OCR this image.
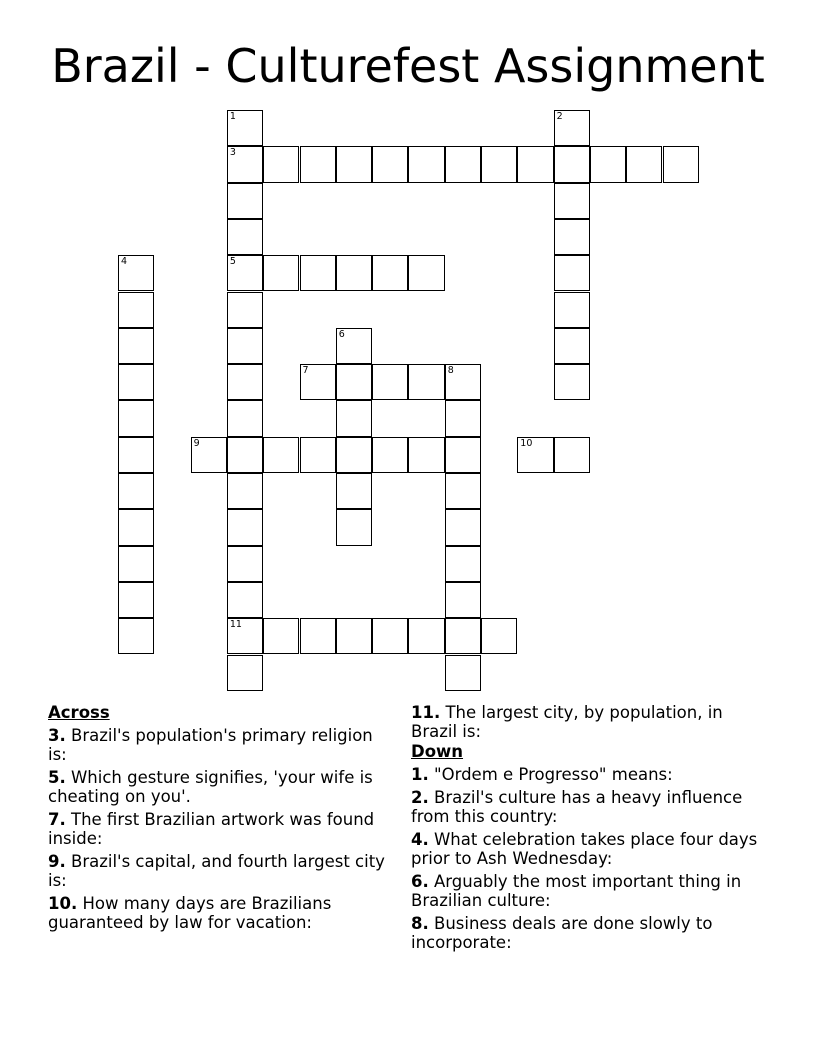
Brazil - Culturefest Assignment
1
3
5
11
2
4
6
7	8
9	10
Across
3. Brazil's population's primary religion is:
5. Which gesture signifies, 'your wife is cheating on you'.
7. The first Brazilian artwork was found inside:
9. Brazil's capital, and fourth largest city is:
10. How many days are Brazilians guaranteed by law for vacation:
11. The largest city, by population, in Brazil is:
Down
1. "Ordem e Progresso" means:
2. Brazil's culture has a heavy influence from this country:
4. What celebration takes place four days prior to Ash Wednesday:
6. Arguably the most important thing in Brazilian culture:
8. Business deals are done slowly to incorporate:
